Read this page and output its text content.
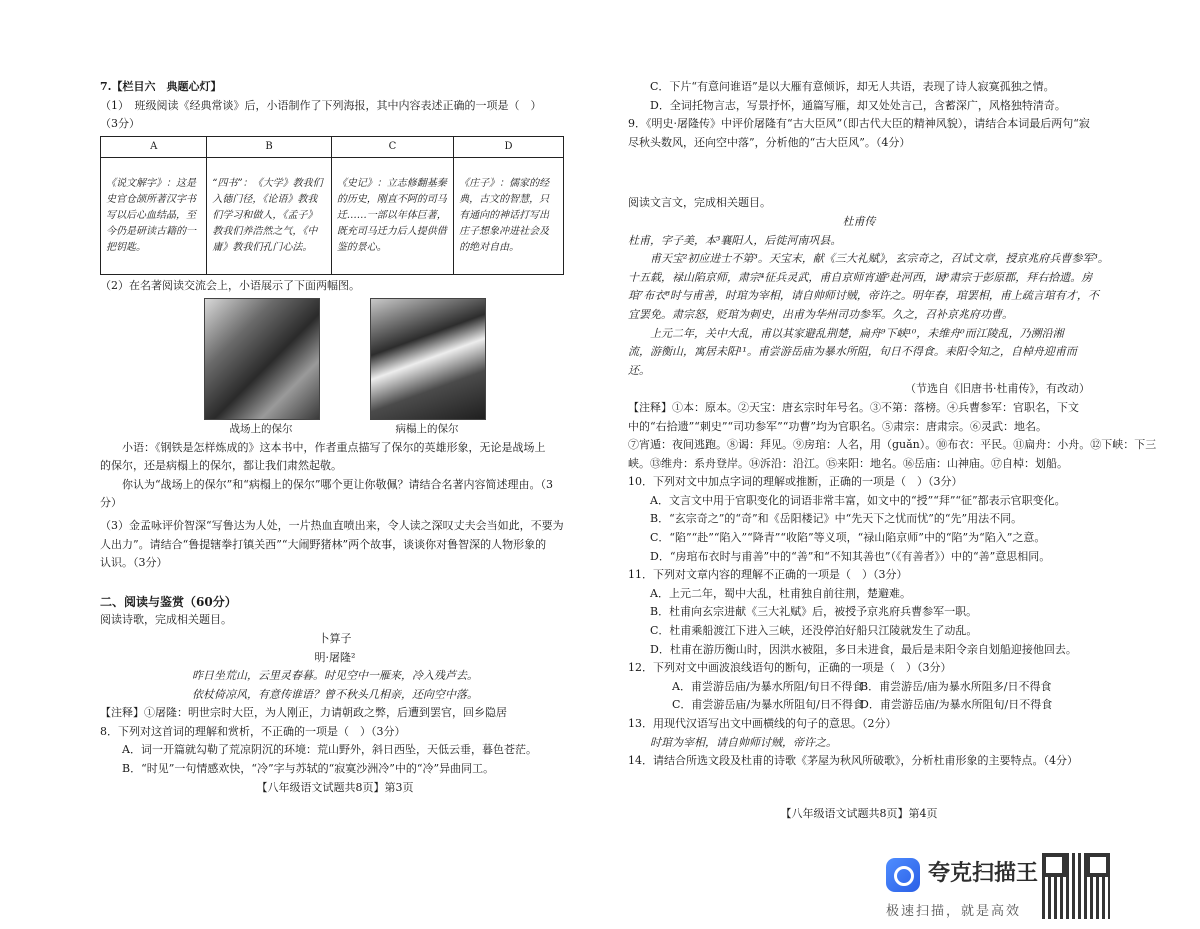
7.【栏目六　典题心灯】

（1）　班级阅读《经典常谈》后，小语制作了下列海报，其中内容表述正确的一项是（　）

（3分）

A	B	C	D
《说文解字》：这是史官仓颉所著汉字书写以后心血结晶，至今仍是研读古籍的一把钥匙。	“四书”：《大学》教我们入德门径，《论语》教我们学习和做人，《孟子》教我们养浩然之气，《中庸》教我们孔门心法。	《史记》：立志修翻基秦的历史，刚直不阿的司马迁……一部以年体巨著，既充司马迁力后人提供借鉴的景心。	《庄子》：儒家的经典，古文的智慧，只有通向的神话打写出庄子想象冲进社会及的绝对自由。

（2）在名著阅读交流会上，小语展示了下面两幅图。

战场上的保尔	病榻上的保尔

小语：《钢铁是怎样炼成的》这本书中，作者重点描写了保尔的英雄形象，无论是战场上

的保尔，还是病榻上的保尔，都让我们肃然起敬。

你认为“战场上的保尔”和“病榻上的保尔”哪个更让你敬佩？请结合名著内容简述理由。（3

分）

（3）金孟咏评价智深“写鲁达为人处，一片热血直喷出来，令人读之深叹丈夫会当如此，不要为

人出力”。请结合“鲁提辖拳打镇关西”“大闹野猪林”两个故事，谈谈你对鲁智深的人物形象的

认识。（3分）

二、阅读与鉴赏（60分）

阅读诗歌，完成相关题目。

卜算子

明·屠隆²

昨日坐荒山，云里灵春暮。时见空中一雁来，冷入残芦去。

依杖倚凉风，有意传谁语？曾不秋头几相亲，还向空中落。

【注释】①屠隆：明世宗时大臣，为人刚正，力请朝政之弊，后遭到罢官，回乡隐居

8．下列对这首词的理解和赏析，不正确的一项是（　）（3分）

A．词一开篇就勾勒了荒凉阴沉的环境：荒山野外，斜日西坠，天低云垂，暮色苍茫。

B．“时见”一句情感欢快，“冷”字与苏轼的“寂寞沙洲冷”中的“冷”异曲同工。

【八年级语文试题共8页】第3页

C．下片“有意问谁语”是以大雁有意倾诉，却无人共语，表现了诗人寂寞孤独之情。

D．全词托物言志，写景抒怀，通篇写雁，却又处处言己，含蓄深广，风格独特清奇。

9．《明史·屠隆传》中评价屠隆有“古大臣风”（即古代大臣的精神风貌），请结合本词最后两句“寂

尽秋头数风，还向空中落”，分析他的“古大臣风”。（4分）

阅读文言文，完成相关题目。

杜甫传

杜甫，字子美，本³襄阳人，后徙河南巩县。

甫天宝²初应进士不第³。天宝末，献《三大礼赋》，玄宗奇之，召试文章，授京兆府兵曹参军³。

十五载，禄山陷京师，肃宗⁴征兵灵武，甫自京师宵遁⁵赴河西，谒⁶肃宗于彭原郡，拜右拾遗。房

琯⁷布衣⁸时与甫善，时琯为宰相，请自帅师讨贼，帝许之。明年春，琯罢相，甫上疏言琯有才，不

宜罢免。肃宗怒，贬琯为刺史，出甫为华州司功参军。久之，召补京兆府功曹。

上元二年，关中大乱，甫以其家避乱荆楚，扁舟⁹下峡¹⁰，未维舟⁰而江陵乱，乃溯沿湘

流，游衡山，寓居未阳¹¹。甫尝游岳庙为暴水所阻，旬日不得食。耒阳令知之，自棹舟迎甫而

还。

（节选自《旧唐书·杜甫传》，有改动）

【注释】①本：原本。②天宝：唐玄宗时年号名。③不第：落榜。④兵曹参军：官职名，下文

中的“右拾遗”“刺史”“司功参军”“功曹”均为官职名。⑤肃宗：唐肃宗。⑥灵武：地名。

⑦宵遁：夜间逃跑。⑧谒：拜见。⑨房琯：人名，用（guǎn）。⑩布衣：平民。⑪扁舟：小舟。⑫下峡：下三

峡。⑬维舟：系舟登岸。⑭泝沿：沿江。⑮来阳：地名。⑯岳庙：山神庙。⑰自棹：划船。

10．下列对文中加点字词的理解或推断，正确的一项是（　）（3分）

A．文言文中用于官职变化的词语非常丰富，如文中的“授”“拜”“征”都表示官职变化。

B．“玄宗奇之”的“奇”和《岳阳楼记》中“先天下之忧而忧”的“先”用法不同。

C．“陷”“赴”“陷入”“降青”“收陷”等义项，“禄山陷京师”中的“陷”为“陷入”之意。

D．“房琯布衣时与甫善”中的“善”和“不知其善也”（《有善者》）中的“善”意思相同。

11．下列对文章内容的理解不正确的一项是（　）（3分）

A．上元二年，蜀中大乱，杜甫独自前往荆，楚避难。

B．杜甫向玄宗进献《三大礼赋》后，被授予京兆府兵曹参军一职。

C．杜甫乘船渡江下进入三峡，还没停泊好船只江陵就发生了动乱。

D．杜甫在游历衡山时，因洪水被阻，多日未进食，最后是耒阳令亲自划船迎接他回去。

12．下列对文中画波浪线语句的断句，正确的一项是（　）（3分）

A．甫尝游岳庙/为暴水所阻/旬日不得食B．甫尝游岳/庙为暴水所阻多/日不得食

C．甫尝游岳庙/为暴水所阻旬/日不得食D．甫尝游岳庙/为暴水所阻旬/日不得食

13．用现代汉语写出文中画横线的句子的意思。（2分）

时琯为宰相，请自帅师讨贼，帝许之。

14．请结合所选文段及杜甫的诗歌《茅屋为秋风所破歌》，分析杜甫形象的主要特点。（4分）

【八年级语文试题共8页】第4页

夸克扫描王
极速扫描，就是高效
